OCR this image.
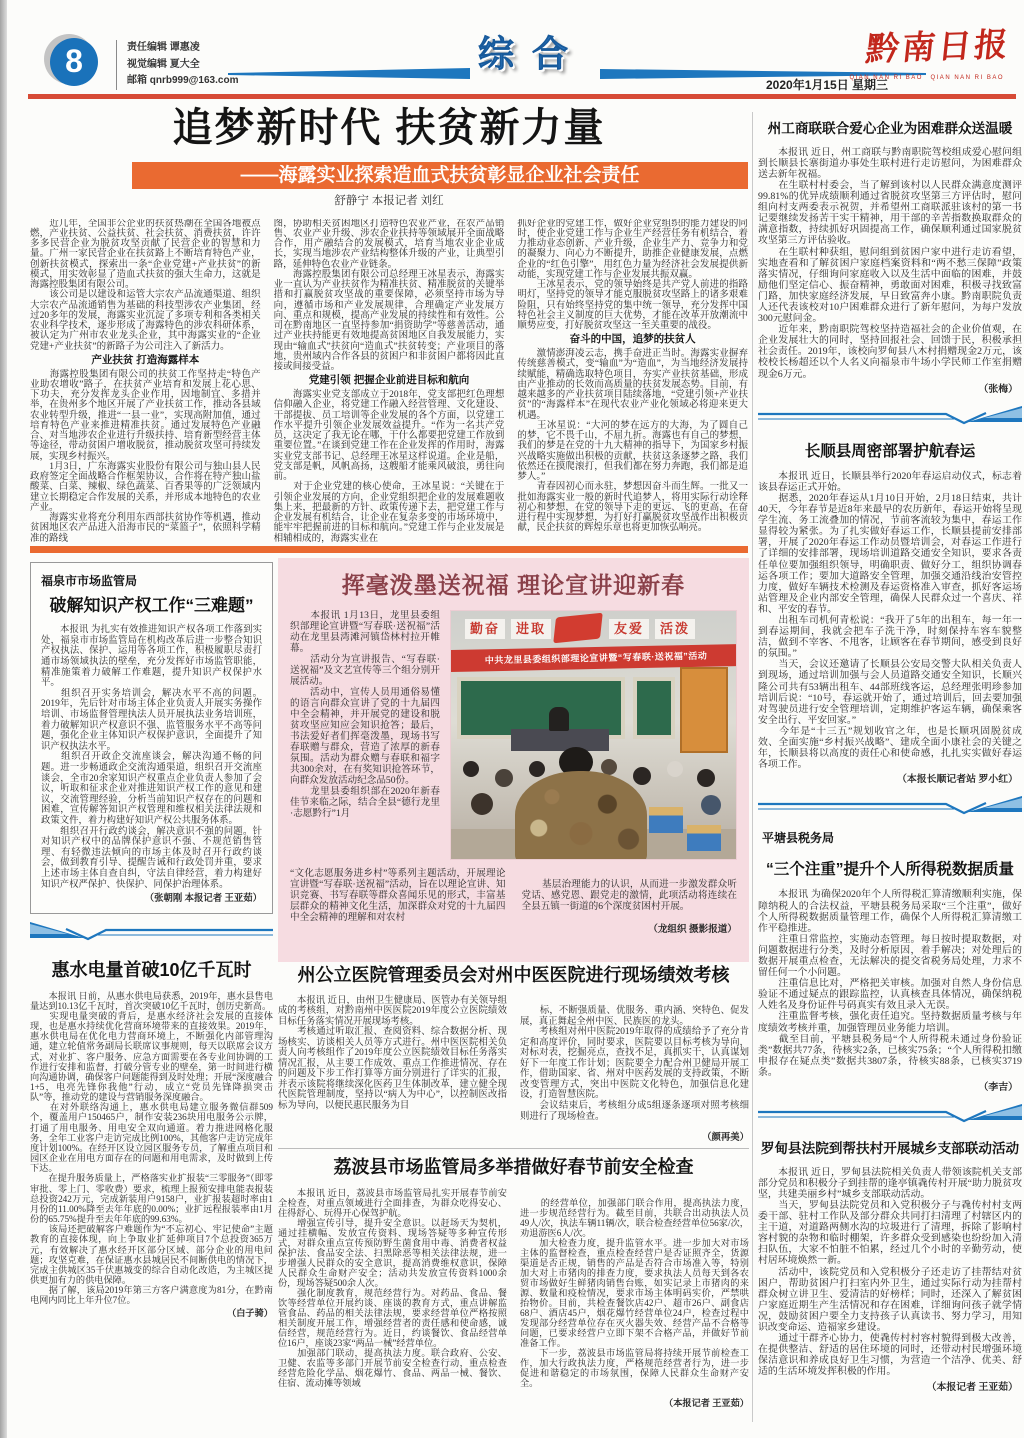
8	责任编辑 谭惠凌
视觉编辑 夏大全
邮箱 qnrb999@163.com
综合
2020年1月15日 星期三
黔南日报
QIAN NAN RI BAO　QIAN NAN RI BAO
追梦新时代 扶贫新力量
——海露实业探索造血式扶贫彰显企业社会责任
舒静宁 本报记者 刘红
　　近几年，全国非公企业的扶贫热潮在全国各地被点燃，产业扶贫、公益扶贫、社会扶贫、消费扶贫，许许多多民营企业为脱贫攻坚贡献了民营企业的智慧和力量。广州一家民营企业在扶贫路上不断培育特色产业，创新扶贫模式，探索出一条“企业党建+产业扶贫”的新模式，用实效彰显了造血式扶贫的强大生命力，这就是海露控股集团有限公司。
　　该公司是以建设和运管大宗农产品流通渠道、组织大宗农产品流通销售为基础的科技型涉农产业集团，经过20多年的发展，海露实业沉淀了多项专利和各类相关农业科学技术，逐步形成了海露特色的涉农科研体系，被认定为广州市农业龙头企业，其中海露实业的“企业党建+产业扶贫”的新路子为公司注入了新活力。
产业扶贫 打造海露样本
　　海露控股集团有限公司的扶贫工作坚持走“特色产业助农增收”路子，在扶贫产业培育和发展上花心思、下功夫，充分发挥龙头企业作用，因地制宜、多措并举，在贵州多个地区开展了产业扶贫工作，推动各县域农业转型升级，推进“一县一业”，实现高附加值，通过培育特色产业来推进精准扶贫。通过发展特色产业融合、对当地涉农企业进行升级扶持、培育新型经营主体等途径，带动贫困户增收脱贫，推动脱贫攻坚可持续发展，实现乡村振兴。
　　1月3日，广东海露实业股份有限公司与独山县人民政府签定全面战略合作框架协议，合作将在特产独山盐酸菜、白菜、辣椒、绿色蔬菜、百香果等的广泛领域内建立长期稳定合作发展的关系，并形成本地特色的农业产业。
　　海露实业将充分利用东西部扶贫协作等机遇，推动贫困地区农产品进入沿海市民的“菜篮子”，依照科学精准的路线
图，协助相关贫困地区打造特色农业产业，在农产品销售、农业产业升级、涉农企业扶持等领域展开全面战略合作，用产融结合的发展模式，培育当地农业企业成长，实现当地涉农产业结构整体升级的产业，让典型引路，延伸特色农业产业链条。
　　海露控股集团有限公司总经理王冰星表示，海露实业一直认为产业扶贫作为精准扶贫、精准脱贫的关键举措和打赢脱贫攻坚战的重要保障，必须坚持市场为导向，遵循市场和产业发展规律，合理确定产业发展方向、重点和规模，提高产业发展的持续性和有效性。公司在黔南地区一直坚持参加“捐资助学”等慈善活动，通过产业扶持能更有效地提高贫困地区自我发展能力，实现由“输血式”扶贫向“造血式”扶贫转变；产业项目的落地，贵州域内合作各县的贫困户和非贫困户都将因此直接或间接受益。
党建引领 把握企业前进目标和航向
　　海露实业党支部成立于2018年，党支部把红色理想信仰融入企业，将党建工作融入经营管理、文化建设、干部提拔、员工培训等企业发展的各个方面，以党建工作水平提升引领企业发展效益提升。“作为一名共产党员，这决定了我无论在哪，干什么都要把党建工作放到重要位置。”在谈到党建工作在企业发挥的作用时，海露实业党支部书记、总经理王冰星这样说道。企业是船，党支部是帆，风帆高扬，这艘船才能乘风破浪，勇往向前。
　　对于企业党建的核心使命，王冰星说：“关键在于引领企业发展的方向，企业党组织把企业的发展难题收集上来，把最新的方针、政策传递下去，把党建工作与企业发展有机结合，让企业在复杂多变的市场环境中，能牢牢把握前进的目标和航向。”党建工作与企业发展是相辅相成的，海露实业在
抓好企业的党建工作，做好企业党组织的能力建设的同时，使企业党建工作与企业生产经营任务有机结合，着力推动业态创新、产业升级，企业生产力、竞争力和党的凝聚力、向心力不断提升，助推企业健康发展，点燃企业的“红色引擎”，用红色力量为经济社会发展提供新动能，实现党建工作与企业发展共振双赢。
　　王冰星表示，党的领导始终是共产党人前进的指路明灯，坚持党的领导才能克服脱贫攻坚路上的诸多艰难险阻，只有始终坚持党的集中统一领导，充分发挥中国特色社会主义制度的巨大优势，才能在改革开放潮流中顺势应变，打好脱贫攻坚这一至关重要的战役。
奋斗的中国，追梦的扶贫人
　　激情澎湃凌云志，携手奋进正当时。海露实业摒弃传统慈善模式，变“输血”为“造血”，为当地经济发展持续赋能，精确选取特色项目，夯实产业扶贫基础，形成由产业推动的长效而高质量的扶贫发展态势。目前，有越来越多的产业扶贫项目陆续落地，“党建引领+产业扶贫”的“海露样本”在现代农业产业化领域必将迎来更大机遇。
　　王冰星说：“大河的梦在远方的大海，为了圆自己的梦，它不畏千山，不屈九折。海露也有自己的梦想，我们的梦是在党的十九大精神的指导下，为国家乡村振兴战略实施做出积极的贡献，扶贫这条逐梦之路，我们依然还在摸爬滚打，但我们都在努力奔跑，我们都是追梦人。”
　　青春因初心而永驻，梦想因奋斗而生辉。一批又一批如海露实业一般的新时代追梦人，将用实际行动诠释初心和梦想，在党的领导下走的更远、飞的更高，在奋进行程中实现梦想，为打好打赢脱贫攻坚战作出积极贡献，民企扶贫的辉煌乐章也将更加恢弘响亮。
州工商联联合爱心企业为困难群众送温暖
　　本报讯 近日，州工商联与黔南职院驾校组成爱心慰问组到长顺县长寨街道办事处生联村进行走访慰问，为困难群众送去新年祝福。
　　在生联村村委会，当了解到该村以人民群众满意度测评99.81%的优异成绩顺利通过省脱贫攻坚第三方评估时，慰问组向村支两委表示祝贺，并希望州工商联派驻该村的第一书记要继续发扬苦干实干精神，用干部的辛苦指数换取群众的满意指数，持续抓好巩固提高工作，确保顺利通过国家脱贫攻坚第三方评估验收。
　　在生联村种获组，慰问组到贫困户家中进行走访看望，实地查看和了解贫困户家庭档案资料和“两不愁三保障”政策落实情况，仔细询问家庭收入以及生活中面临的困难，并鼓励他们坚定信心、振奋精神，勇敢面对困难，积极寻找致富门路，加快家庭经济发展，早日致富奔小康。黔南职院负责人还代表该校对10户困难群众进行了新年慰问，为每户发放300元慰问金。
　　近年来，黔南职院驾校坚持造福社会的企业价值观，在企业发展壮大的同时，坚持回报社会、回馈于民，积极承担社会责任。2019年，该校向罗甸县八木村捐赠现金2万元，该校校长杨超还以个人名义向福泉市牛场小学民师工作室捐赠现金6万元。
（张梅）
长顺县周密部署护航春运
　　本报讯 近日，长顺县举行2020年春运启动仪式，标志着该县春运正式开始。
　　据悉，2020年春运从1月10日开始，2月18日结束，共计40天，今年春节是近8年来最早的农历新年，春运开始将呈现学生流、务工流叠加的情况，节前客流较为集中，春运工作显得较为紧张。为了扎实做好春运工作，长顺县提前安排部署，开展了2020年春运工作动员暨培训会，对春运工作进行了详细的安排部署，现场培训道路交通安全知识，要求各责任单位要加强组织领导，明确职责、做好分工，组织协调春运各项工作；要加大道路安全管理，加强交通沿线治安管控力度，做好车辆技术检测及春运资格准入审查，抓好客运场站管理及企业内部安全管理，确保人民群众过一个喜庆、祥和、平安的春节。
　　出租车司机何青松说：“我开了5年的出租车，每一年一到春运期间，我就会把车子洗干净，时刻保持车容车貌整洁，做到不宰客、不甩客，让顾客在春节期间，感受到良好的氛围。”
　　当天，会议还邀请了长顺县公安局交警大队相关负责人到现场，通过培训加强与会人员道路交通安全知识，长顺兴隆公司共有53辆出租车、44部班线客运，总经理张明珍参加培训后说：“10号，春运就开始了，通过培训后，回去要加强对驾驶员进行安全管理培训，定期维护客运车辆，确保乘客安全出行、平安回家。”
　　今年是“十三五”规划收官之年，也是长顺巩固脱贫成效、全面实施“乡村振兴战略”、建成全面小康社会的关键之年，长顺县将以高度的责任心和使命感，扎扎实实做好春运各项工作。
（本报长顺记者站 罗小红）
平塘县税务局
“三个注重”提升个人所得税数据质量
　　本报讯 为确保2020年个人所得税汇算清缴顺利实施，保障纳税人的合法权益，平塘县税务局采取“三个注重”，做好个人所得税数据质量管理工作，确保个人所得税汇算清缴工作平稳推进。
　　注重日常监控，实施动态管理。每日按时提取数据，对问题数据进行分类，及时分析原因，着手解决；对处理后的数据开展重点检查，无法解决的提交省税务局处理，力求不留任何一个小问题。
　　注重信息比对，严格把关审核。加强对自然人身份信息验证不通过疑点的跟踪监控，认真核查具体情况，确保纳税人姓名及身份证件号码真实有效且录入无误。
　　注重监督考核，强化责任追究。坚持数据质量考核与年度绩效考核并重，加强管理员业务能力培训。
　　截至目前，平塘县税务局“个人所得税未通过身份验证类”数据共77条，待核实2条，已核实75条；“个人所得税扣缴申报存在疑点类”数据共3807条，待核实88条，已核实3719条。
（李吉）
罗甸县法院到帮扶村开展城乡支部联动活动
　　本报讯 近日，罗甸县法院相关负责人带领该院机关支部部分党员和积极分子到挂帮的逢亭镇毳传村开展“助力脱贫攻坚，共建美丽乡村”城乡支部联动活动。
　　当天，罗甸县法院党员和入党积极分子与毳传村村支两委干部、驻村工作队及部分群众共同打扫清理了村辖区内的主干道，对道路两侧水沟的垃圾进行了清理，拆除了影响村容村貌的杂物和临时棚架，许多群众受到感染也纷纷加入清扫队伍，大家不怕脏不怕累，经过几个小时的辛勤劳动，使村居环境焕然一新。
　　活动中，该院党员和入党积极分子还走访了挂帮结对贫困户，帮助贫困户打扫室内外卫生，通过实际行动为挂帮村群众树立讲卫生、爱清洁的好榜样；同时，还深入了解贫困户家庭近期生产生活情况和存在困难，详细询问孩子就学情况，鼓励贫困户要全力支持孩子认真读书、努力学习，用知识改变命运、造福家乡建设。
　　通过干群齐心协力，使毳传村村容村貌得到极大改善，在提供整洁、舒适的居住环境的同时，还带动村民增强环境保洁意识和养成良好卫生习惯，为营造一个洁净、优美、舒适的生活环境发挥积极的作用。
（本报记者 王亚茹）
福泉市市场监管局
破解知识产权工作“三难题”
　　本报讯 为扎实有效推进知识产权各项工作落到实处，福泉市市场监管局在机构改革后进一步整合知识产权执法、保护、运用等各项工作，积极履职尽责打通市场领域执法的壁垒，充分发挥好市场监管职能，精准施策着力破解工作难题，提升知识产权保护水平。
　　组织召开实务培训会，解决水平不高的问题。2019年，先后针对市场主体企业负责人开展实务操作培训、市场监督管理执法人员开展执法业务培训班，着力破解知识产权意识不强、监管服务水平不高等问题，强化企业主体知识产权保护意识，全面提升了知识产权执法水平。
　　组织召开政企交流座谈会，解决沟通不畅的问题。进一步畅通政企交流沟通渠道，组织召开交流座谈会，全市20余家知识产权重点企业负责人参加了会议，听取和征求企业对推进知识产权工作的意见和建议，交流管理经验，分析当前知识产权存在的问题和困难，宣传解答知识产权管理和维权相关法律法规和政策文件，着力构建好知识产权公共服务体系。
　　组织召开行政约谈会，解决意识不强的问题。针对知识产权中的品牌保护意识不强、不规范销售管理、有轻微违法倾向的市场主体及时召开行政约谈会，做到教育引导、提醒告诫和行政处罚并重，要求上述市场主体自查自纠，守法自律经营，着力构建好知识产权严保护、快保护、同保护治理体系。
（张朝刚 本报记者 王亚茹）
惠水电量首破10亿千瓦时
　　本报讯 日前，从惠水供电局获悉，2019年，惠水县售电量达到10.13亿千瓦时，首次突破10亿千瓦时，创历史新高。
　　实现电量突破的背后，是惠水经济社会发展的直接体现，也是惠水持续优化营商环境带来的直接效果。2019年，惠水供电局在优化电力营商环境上，不断强化内部管理沟通，建立轮值常务副局长联席议事规则，每天以联席会议方式，对业扩、客户服务、应急方面需要在各专业间协调的工作进行安排和监督，打破分管专业的壁垒，第一时间进行横向沟通协调，确保客户问题能得到及时处理；开展“深度融合1+5，电亮先锋你我他”行动，成立“党员先锋降损突击队”等，推动党的建设与营销服务深度融合。
　　在对外联络沟通上，惠水供电局建立服务微信群509个，覆盖用户150465户，制作安装236块用电服务公示牌，打通了用电服务、用电安全双向通道。着力推进网格化服务，全年工业客户走访完成比例100%，其他客户走访完成年度计划100%。在经开区设立园区服务专员，了解重点项目和园区企业在用电方面存在的问题和用电需求，及时做到上传下达。
　　在提升服务质量上，严格落实业扩报装“三零服务”（即零审批、零上门、零收费）要求，梳理上报预安排电能表报装总投资242万元，完成新装用户9158户，业扩报装超时率由1月份的11.00%降至去年年底的0.00%；业扩远程报装率由1月份的65.75%提升至去年年底的99.63%。
　　该局还把破解客户难题作为“不忘初心、牢记使命”主题教育的直接体现，向上争取业扩延伸项目7个总投资365万元，有效解决了惠水经开区部分区域、部分企业的用电问题；攻坚克难，在保证惠水县城居民不间断供电的情况下，完成主供城区35千伏惠城变的综合自动化改造，为主城区提供更加有力的供电保障。
　　据了解，该局2019年第三方客户满意度为81分，在黔南电网内同比上年升位7位。
（白子骑）
挥毫泼墨送祝福 理论宣讲迎新春
　　本报讯 1月13日，龙里县委组织部理论宣讲暨“写春联·送祝福”活动在龙里县湾滩河镇岱林村拉开帷幕。
　　活动分为宣讲报告、“写春联·送祝福”及文艺宣传等三个组分别开展活动。
　　活动中，宣传人员用通俗易懂的语言向群众宣讲了党的十九届四中全会精神，并开展党的建设和脱贫攻坚应知应会知识抢答；最后，书法爱好者们挥毫泼墨，现场书写春联赠与群众，营造了浓厚的新春氛围。活动为群众赠与春联和福字共300余对，在有奖知识抢答环节，向群众发放活动纪念品50份。
　　龙里县委组织部在2020年新春佳节来临之际，结合全县“德行龙里·志愿黔行”1月
勤奋	进取	友爱	活泼
中共龙里县委组织部理论宣讲暨“写春联·送祝福”活动
“文化志愿服务进乡村”等系列主题活动，开展理论宣讲暨“写春联·送祝福”活动，旨在以理论宣讲、知识竞赛、书写春联等群众喜闻乐见的形式，丰富基层群众的精神文化生活，加深群众对党的十九届四中全会精神的理解和对农村

基层治理能力的认识，从而进一步激发群众听党话、感党恩、跟党走的激情，此项活动将连续在全县五镇一街道的6个深度贫困村开展。

（龙组织 摄影报道）

州公立医院管理委员会对州中医医院进行现场绩效考核
　　本报讯 近日，由州卫生健康局、医管办有关领导组成的考核组，对黔南州中医医院2019年度公立医院绩效目标任务落实情况开展现场考核。
　　考核通过听取汇报、查阅资料、综合数据分析、现场核实、访谈相关人员等方式进行。州中医医院相关负责人向考核组作了2019年度公立医院绩效目标任务落实情况汇报，从主要工作成效、重点工作推进情况、存在的问题及下步工作打算等方面分别进行了详实的汇报，并表示该院将继续深化医药卫生体制改革，建立健全现代医院管理制度，坚持以“病人为中心”，以控制医改指标为导向，以便民惠民服务为目

标，不断强质量、优服务、重内涵、突特色、促发展，真正舞起全州中医、民族医的龙头。
　　考核组对州中医院2019年取得的成绩给予了充分肯定和高度评价，同时要求，医院要以目标考核为导向，对标对表，挖掘亮点，查找不足，真抓实干，认真谋划好下一年度工作计划；医院要全力配合州卫健局开展工作，借助国家、省、州对中医药发展的支持政策，不断改变管理方式，突出中医院文化特色，加强信息化建设，打造智慧医院。
　　会议结束后，考核组分成5组逐条逐项对照考核细则进行了现场检查。

（颜再美）

荔波县市场监管局多举措做好春节前安全检查
　　本报讯 近日，荔波县市场监管局扎实开展春节前安全检查，对重点领域进行全面排查，为群众吃得安心、住得舒心、玩得开心保驾护航。
　　增强宣传引导，提升安全意识。以赶场天为契机，通过挂横幅、发放宣传资料、现场答疑等多种宣传形式，对群众重点宣传预防野生菌食用中毒、消费者权益保护法、食品安全法、扫黑除恶等相关法律法规，进一步增强人民群众的安全意识，提高消费维权意识，保障人民群众生命财产安全；活动共发放宣传资料1000余份，现场答疑500余人次。
　　强化制度教育，规范经营行为。对药品、食品、餐饮等经营单位开展约谈、座谈的教育方式，重点讲解监管食品、药品的相关法律法规，要求经营单位严格按照相关制度开展工作，增强经营者的责任感和使命感，诚信经营，规范经营行为。近日，约谈餐饮、食品经营单位16户，座谈23家“两品一械”经营单位。
　　加强部门联动，提高执法力度。联合政府、公安、卫健、农监等多部门开展节前安全检查行动，重点检查经营危险化学品、烟花爆竹、食品、两品一械、餐饮、住宿、流动摊等领域

的经营单位，加强部门联合作用，提高执法力度，进一步规范经营行为。截至目前，共联合出动执法人员49人/次，执法车辆11辆/次，联合检查经营单位56家/次，劝退游医6人/次。
　　加大检查力度，提升监管水平。进一步加大对市场主体的监督检查，重点检查经营户是否证照齐全，货源渠道是否正规，销售的产品是否符合市场准入等，特别加大对上市猪肉的排查力度，要求执法人员每天到各农贸市场做好生鲜猪肉销售台账，如实记录上市猪肉的来源、数量和疫检情况，要求市场主体明码实价，严禁哄抬物价。目前，共检查餐饮店42户、超市26户、副食店68户、酒店45户，烟花爆竹经营单位24户，检查过程中发现部分经营单位存在灭火器失效、经营产品不合格等问题，已要求经营户立即下架不合格产品，并做好节前准备工作。
　　下一步，荔波县市场监管局将持续开展节前检查工作，加大行政执法力度，严格规范经营者行为，进一步促进和谐稳定的市场氛围，保障人民群众生命财产安全。

（本报记者 王亚茹）
